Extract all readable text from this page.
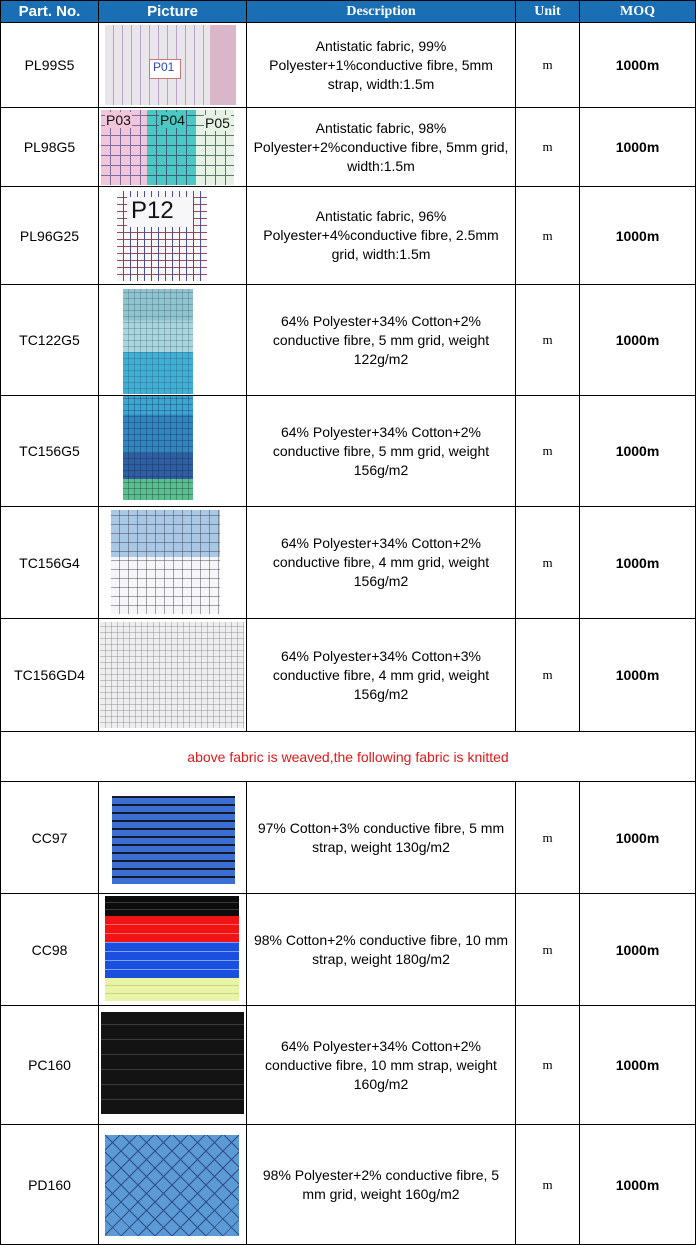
Part. No.	Picture	Description	Unit	MOQ
PL99S5	P01	Antistatic fabric, 99% Polyester+1%conductive fibre, 5mm strap, width:1.5m	m	1000m
PL98G5	P03 P04 P05	Antistatic fabric, 98% Polyester+2%conductive fibre, 5mm grid, width:1.5m	m	1000m
PL96G25	P12	Antistatic fabric, 96% Polyester+4%conductive fibre, 2.5mm grid, width:1.5m	m	1000m
TC122G5		64% Polyester+34% Cotton+2% conductive fibre, 5 mm grid, weight 122g/m2	m	1000m
TC156G5		64% Polyester+34% Cotton+2% conductive fibre, 5 mm grid, weight 156g/m2	m	1000m
TC156G4		64% Polyester+34% Cotton+2% conductive fibre, 4 mm grid, weight 156g/m2	m	1000m
TC156GD4		64% Polyester+34% Cotton+3% conductive fibre, 4 mm grid, weight 156g/m2	m	1000m
above fabric is weaved,the following fabric is knitted				
CC97		97% Cotton+3% conductive fibre, 5 mm strap, weight 130g/m2	m	1000m
CC98		98% Cotton+2% conductive fibre, 10 mm strap, weight 180g/m2	m	1000m
PC160		64% Polyester+34% Cotton+2% conductive fibre, 10 mm strap, weight 160g/m2	m	1000m
PD160		98% Polyester+2% conductive fibre, 5 mm grid, weight 160g/m2	m	1000m
